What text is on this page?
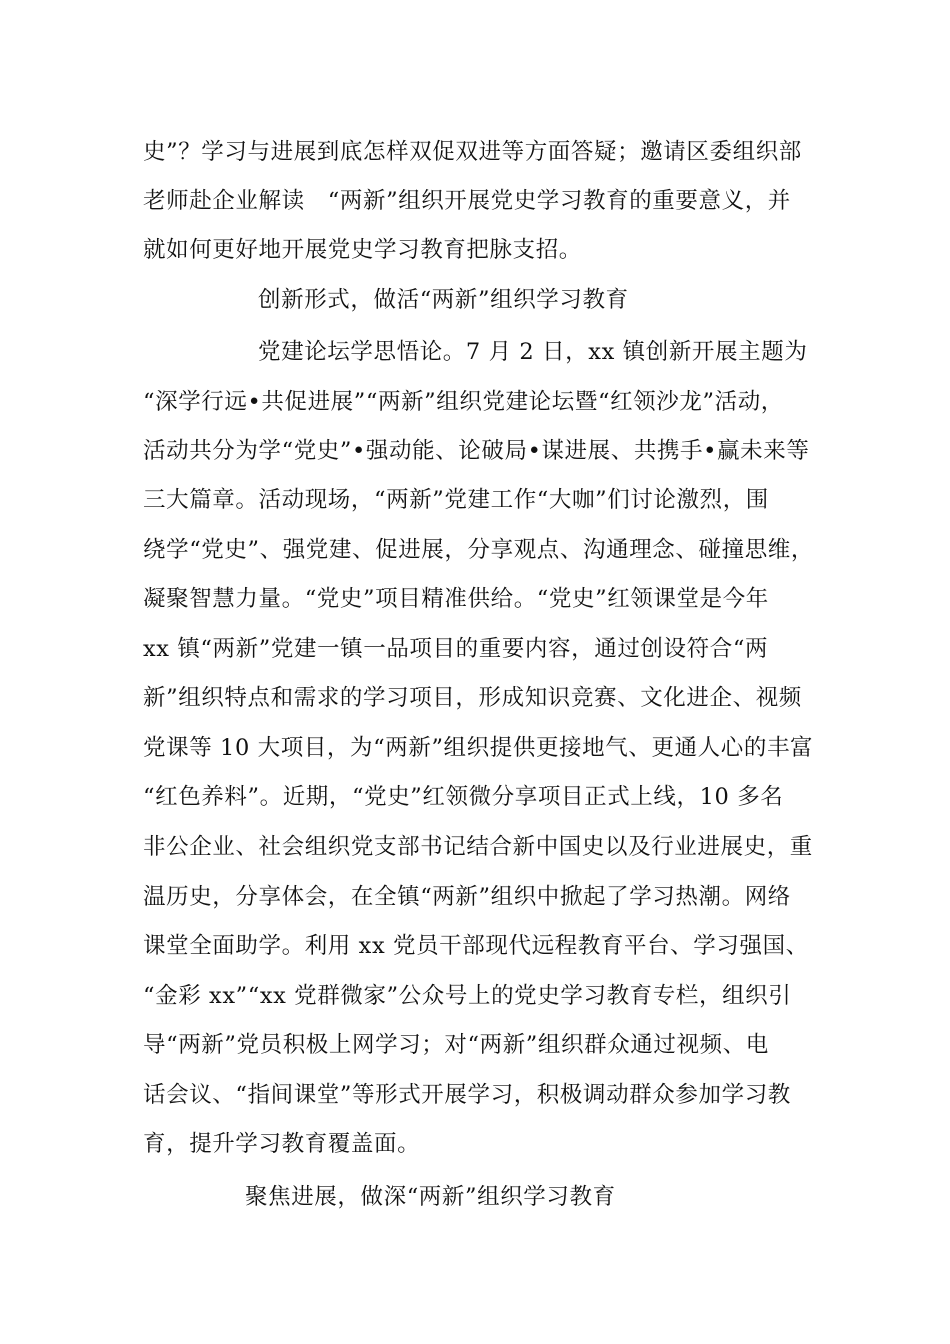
史”？学习与进展到底怎样双促双进等方面答疑；邀请区委组织部
老师赴企业解读　“两新”组织开展党史学习教育的重要意义，并
就如何更好地开展党史学习教育把脉支招。
创新形式，做活“两新”组织学习教育
党建论坛学思悟论。7 月 2 日，xx 镇创新开展主题为
“深学行远•共促进展”“两新”组织党建论坛暨“红领沙龙”活动，
活动共分为学“党史”•强动能、论破局•谋进展、共携手•赢未来等
三大篇章。活动现场，“两新”党建工作“大咖”们讨论激烈，围
绕学“党史”、强党建、促进展，分享观点、沟通理念、碰撞思维，
凝聚智慧力量。“党史”项目精准供给。“党史”红领课堂是今年
xx 镇“两新”党建一镇一品项目的重要内容，通过创设符合“两
新”组织特点和需求的学习项目，形成知识竞赛、文化进企、视频
党课等 10 大项目，为“两新”组织提供更接地气、更通人心的丰富
“红色养料”。近期，“党史”红领微分享项目正式上线，10 多名
非公企业、社会组织党支部书记结合新中国史以及行业进展史，重
温历史，分享体会，在全镇“两新”组织中掀起了学习热潮。网络
课堂全面助学。利用 xx 党员干部现代远程教育平台、学习强国、
“金彩 xx”“xx 党群微家”公众号上的党史学习教育专栏，组织引
导“两新”党员积极上网学习；对“两新”组织群众通过视频、电
话会议、“指间课堂”等形式开展学习，积极调动群众参加学习教
育，提升学习教育覆盖面。
聚焦进展，做深“两新”组织学习教育
